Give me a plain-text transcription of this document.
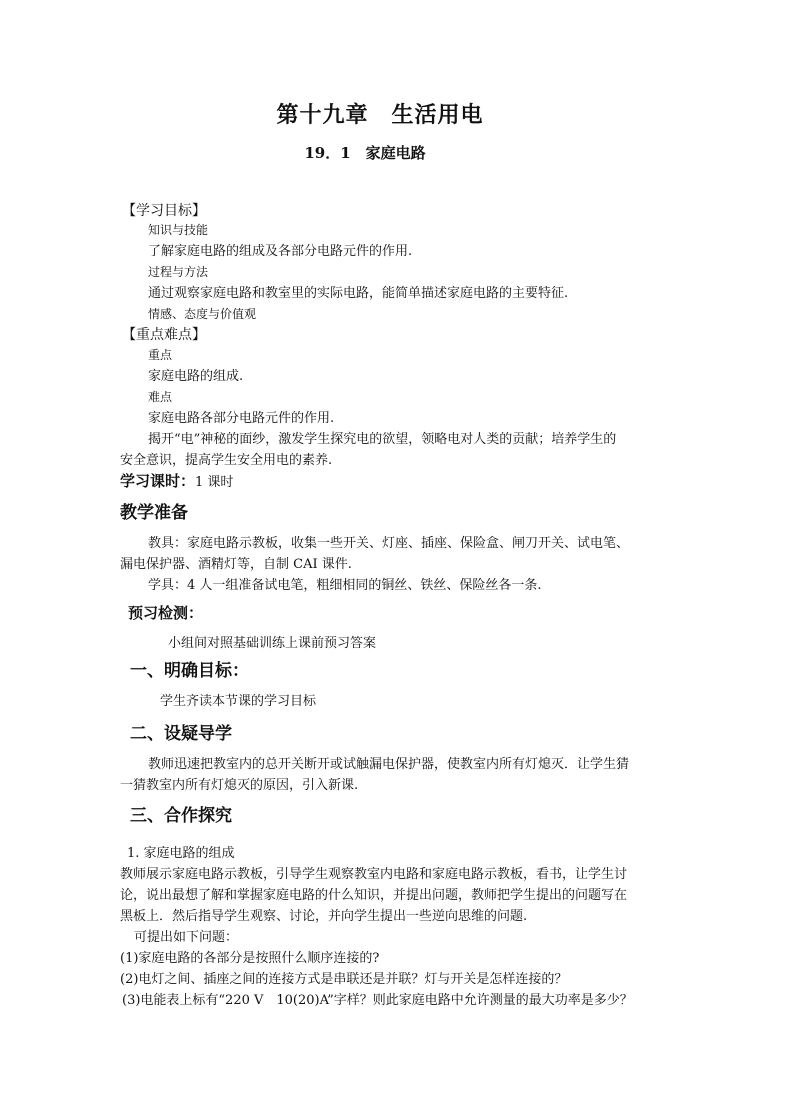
第十九章　生活用电
19．1　家庭电路
【学习目标】
知识与技能
了解家庭电路的组成及各部分电路元件的作用.
过程与方法
通过观察家庭电路和教室里的实际电路，能简单描述家庭电路的主要特征.
情感、态度与价值观
【重点难点】
重点
家庭电路的组成.
难点
家庭电路各部分电路元件的作用.
揭开“电”神秘的面纱，激发学生探究电的欲望，领略电对人类的贡献；培养学生的
安全意识，提高学生安全用电的素养.
学习课时：1 课时
教学准备
教具：家庭电路示教板，收集一些开关、灯座、插座、保险盒、闸刀开关、试电笔、
漏电保护器、酒精灯等，自制 CAI 课件.
学具：4 人一组准备试电笔，粗细相同的铜丝、铁丝、保险丝各一条.
预习检测：
小组间对照基础训练上课前预习答案
一、明确目标：
学生齐读本节课的学习目标
二、设疑导学
教师迅速把教室内的总开关断开或试触漏电保护器，使教室内所有灯熄灭．让学生猜
一猜教室内所有灯熄灭的原因，引入新课.
三、合作探究
1. 家庭电路的组成
教师展示家庭电路示教板，引导学生观察教室内电路和家庭电路示教板，看书，让学生讨
论，说出最想了解和掌握家庭电路的什么知识，并提出问题，教师把学生提出的问题写在
黑板上．然后指导学生观察、讨论，并向学生提出一些逆向思维的问题.
可提出如下问题：
(1)家庭电路的各部分是按照什么顺序连接的?
(2)电灯之间、插座之间的连接方式是串联还是并联？灯与开关是怎样连接的？
(3)电能表上标有“220 V　10(20)A”字样？则此家庭电路中允许测量的最大功率是多少？
